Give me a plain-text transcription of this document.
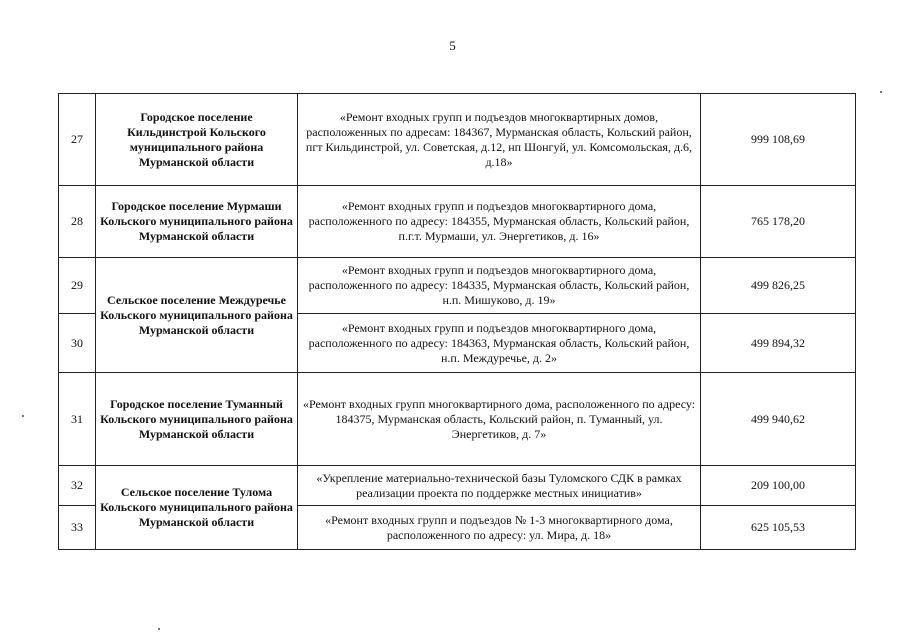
5
27	Городское поселение Кильдинстрой Кольского муниципального района Мурманской области	«Ремонт входных групп и подъездов многоквартирных домов, расположенных по адресам: 184367, Мурманская область, Кольский район, пгт Кильдинстрой, ул. Советская, д.12, нп Шонгуй, ул. Комсомольская, д.6, д.18»	999 108,69
28	Городское поселение Мурмаши Кольского муниципального района Мурманской области	«Ремонт входных групп и подъездов многоквартирного дома, расположенного по адресу: 184355, Мурманская область, Кольский район, п.г.т. Мурмаши, ул. Энергетиков, д. 16»	765 178,20
29	Сельское поселение Междуречье Кольского муниципального района Мурманской области	«Ремонт входных групп и подъездов многоквартирного дома, расположенного по адресу: 184335, Мурманская область, Кольский район, н.п. Мишуково, д. 19»	499 826,25
30		«Ремонт входных групп и подъездов многоквартирного дома, расположенного по адресу: 184363, Мурманская область, Кольский район, н.п. Междуречье, д. 2»	499 894,32
31	Городское поселение Туманный Кольского муниципального района Мурманской области	«Ремонт входных групп многоквартирного дома, расположенного по адресу: 184375, Мурманская область, Кольский район, п. Туманный, ул. Энергетиков, д. 7»	499 940,62
32	Сельское поселение Тулома Кольского муниципального района Мурманской области	«Укрепление материально-технической базы Туломского СДК в рамках реализации проекта по поддержке местных инициатив»	209 100,00
33		«Ремонт входных групп и подъездов № 1-3 многоквартирного дома, расположенного по адресу: ул. Мира, д. 18»	625 105,53
